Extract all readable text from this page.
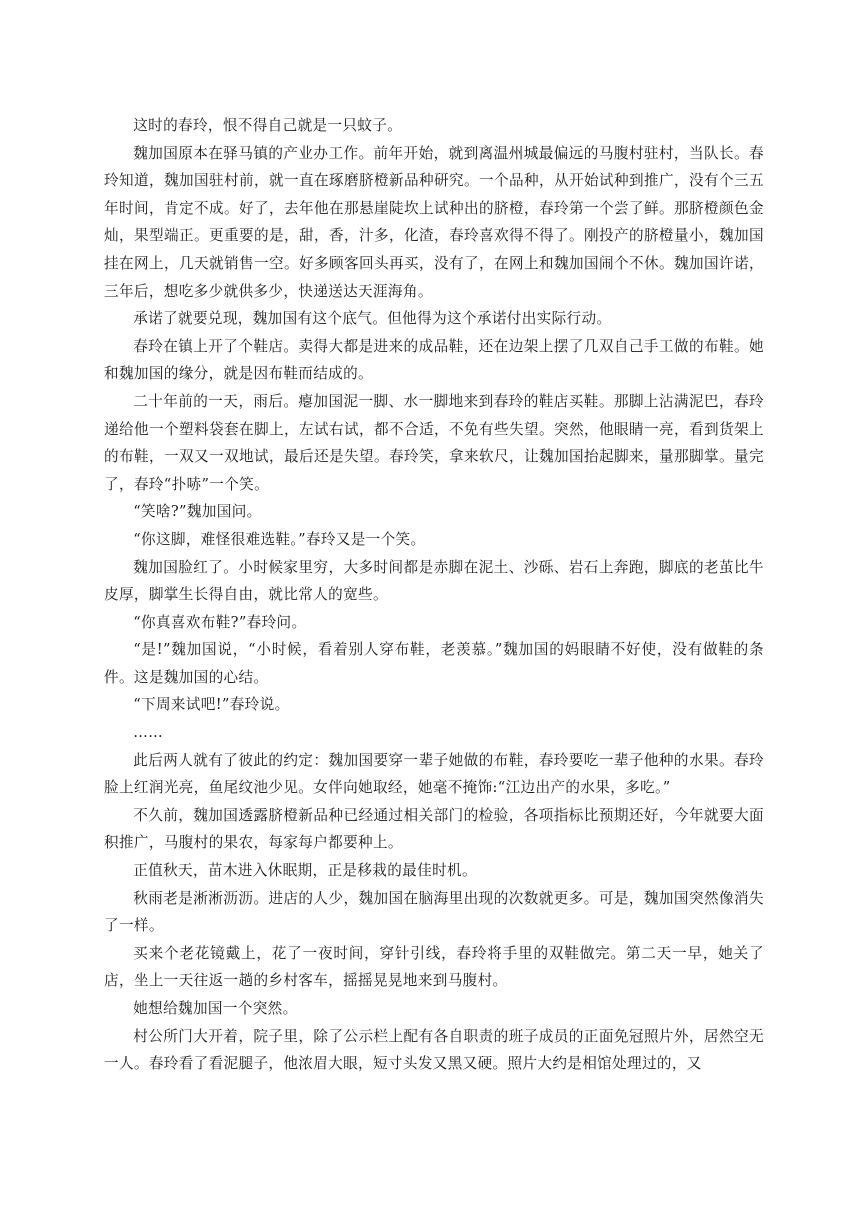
这时的春玲，恨不得自己就是一只蚊子。

魏加国原本在驿马镇的产业办工作。前年开始，就到离温州城最偏远的马腹村驻村，当队长。春玲知道，魏加国驻村前，就一直在琢磨脐橙新品种研究。一个品种，从开始试种到推广，没有个三五年时间，肯定不成。好了，去年他在那悬崖陡坎上试种出的脐橙，春玲第一个尝了鲜。那脐橙颜色金灿，果型端正。更重要的是，甜，香，汁多，化渣，春玲喜欢得不得了。刚投产的脐橙量小，魏加国挂在网上，几天就销售一空。好多顾客回头再买，没有了，在网上和魏加国闹个不休。魏加国许诺，三年后，想吃多少就供多少，快递送达天涯海角。

承诺了就要兑现，魏加国有这个底气。但他得为这个承诺付出实际行动。

春玲在镇上开了个鞋店。卖得大都是进来的成品鞋，还在边架上摆了几双自己手工做的布鞋。她和魏加国的缘分，就是因布鞋而结成的。

二十年前的一天，雨后。瘪加国泥一脚、水一脚地来到春玲的鞋店买鞋。那脚上沾满泥巴，春玲递给他一个塑料袋套在脚上，左试右试，都不合适，不免有些失望。突然，他眼睛一亮，看到货架上的布鞋，一双又一双地试，最后还是失望。春玲笑，拿来软尺，让魏加国抬起脚来，量那脚掌。量完了，春玲“扑哧”一个笑。

“笑啥?”魏加国问。

“你这脚，难怪很难选鞋。”春玲又是一个笑。

魏加国脸红了。小时候家里穷，大多时间都是赤脚在泥土、沙砾、岩石上奔跑，脚底的老茧比牛皮厚，脚掌生长得自由，就比常人的宽些。

“你真喜欢布鞋?”春玲问。

“是!”魏加国说，“小时候，看着别人穿布鞋，老羡慕。”魏加国的妈眼睛不好使，没有做鞋的条件。这是魏加国的心结。

“下周来试吧!”春玲说。

……

此后两人就有了彼此的约定：魏加国要穿一辈子她做的布鞋，春玲要吃一辈子他种的水果。春玲脸上红润光亮，鱼尾纹池少见。女伴向她取经，她毫不掩饰:“江边出产的水果，多吃。”

不久前，魏加国透露脐橙新品种已经通过相关部门的检验，各项指标比预期还好，今年就要大面积推广，马腹村的果农，每家每户都要种上。

正值秋天，苗木进入休眠期，正是移栽的最佳时机。

秋雨老是淅淅沥沥。进店的人少，魏加国在脑海里出现的次数就更多。可是，魏加国突然像消失了一样。

买来个老花镜戴上，花了一夜时间，穿针引线，春玲将手里的双鞋做完。第二天一早，她关了店，坐上一天往返一趟的乡村客车，摇摇晃晃地来到马腹村。

她想给魏加国一个突然。

村公所门大开着，院子里，除了公示栏上配有各自职责的班子成员的正面免冠照片外，居然空无一人。春玲看了看泥腿子，他浓眉大眼，短寸头发又黑又硬。照片大约是相馆处理过的，又
